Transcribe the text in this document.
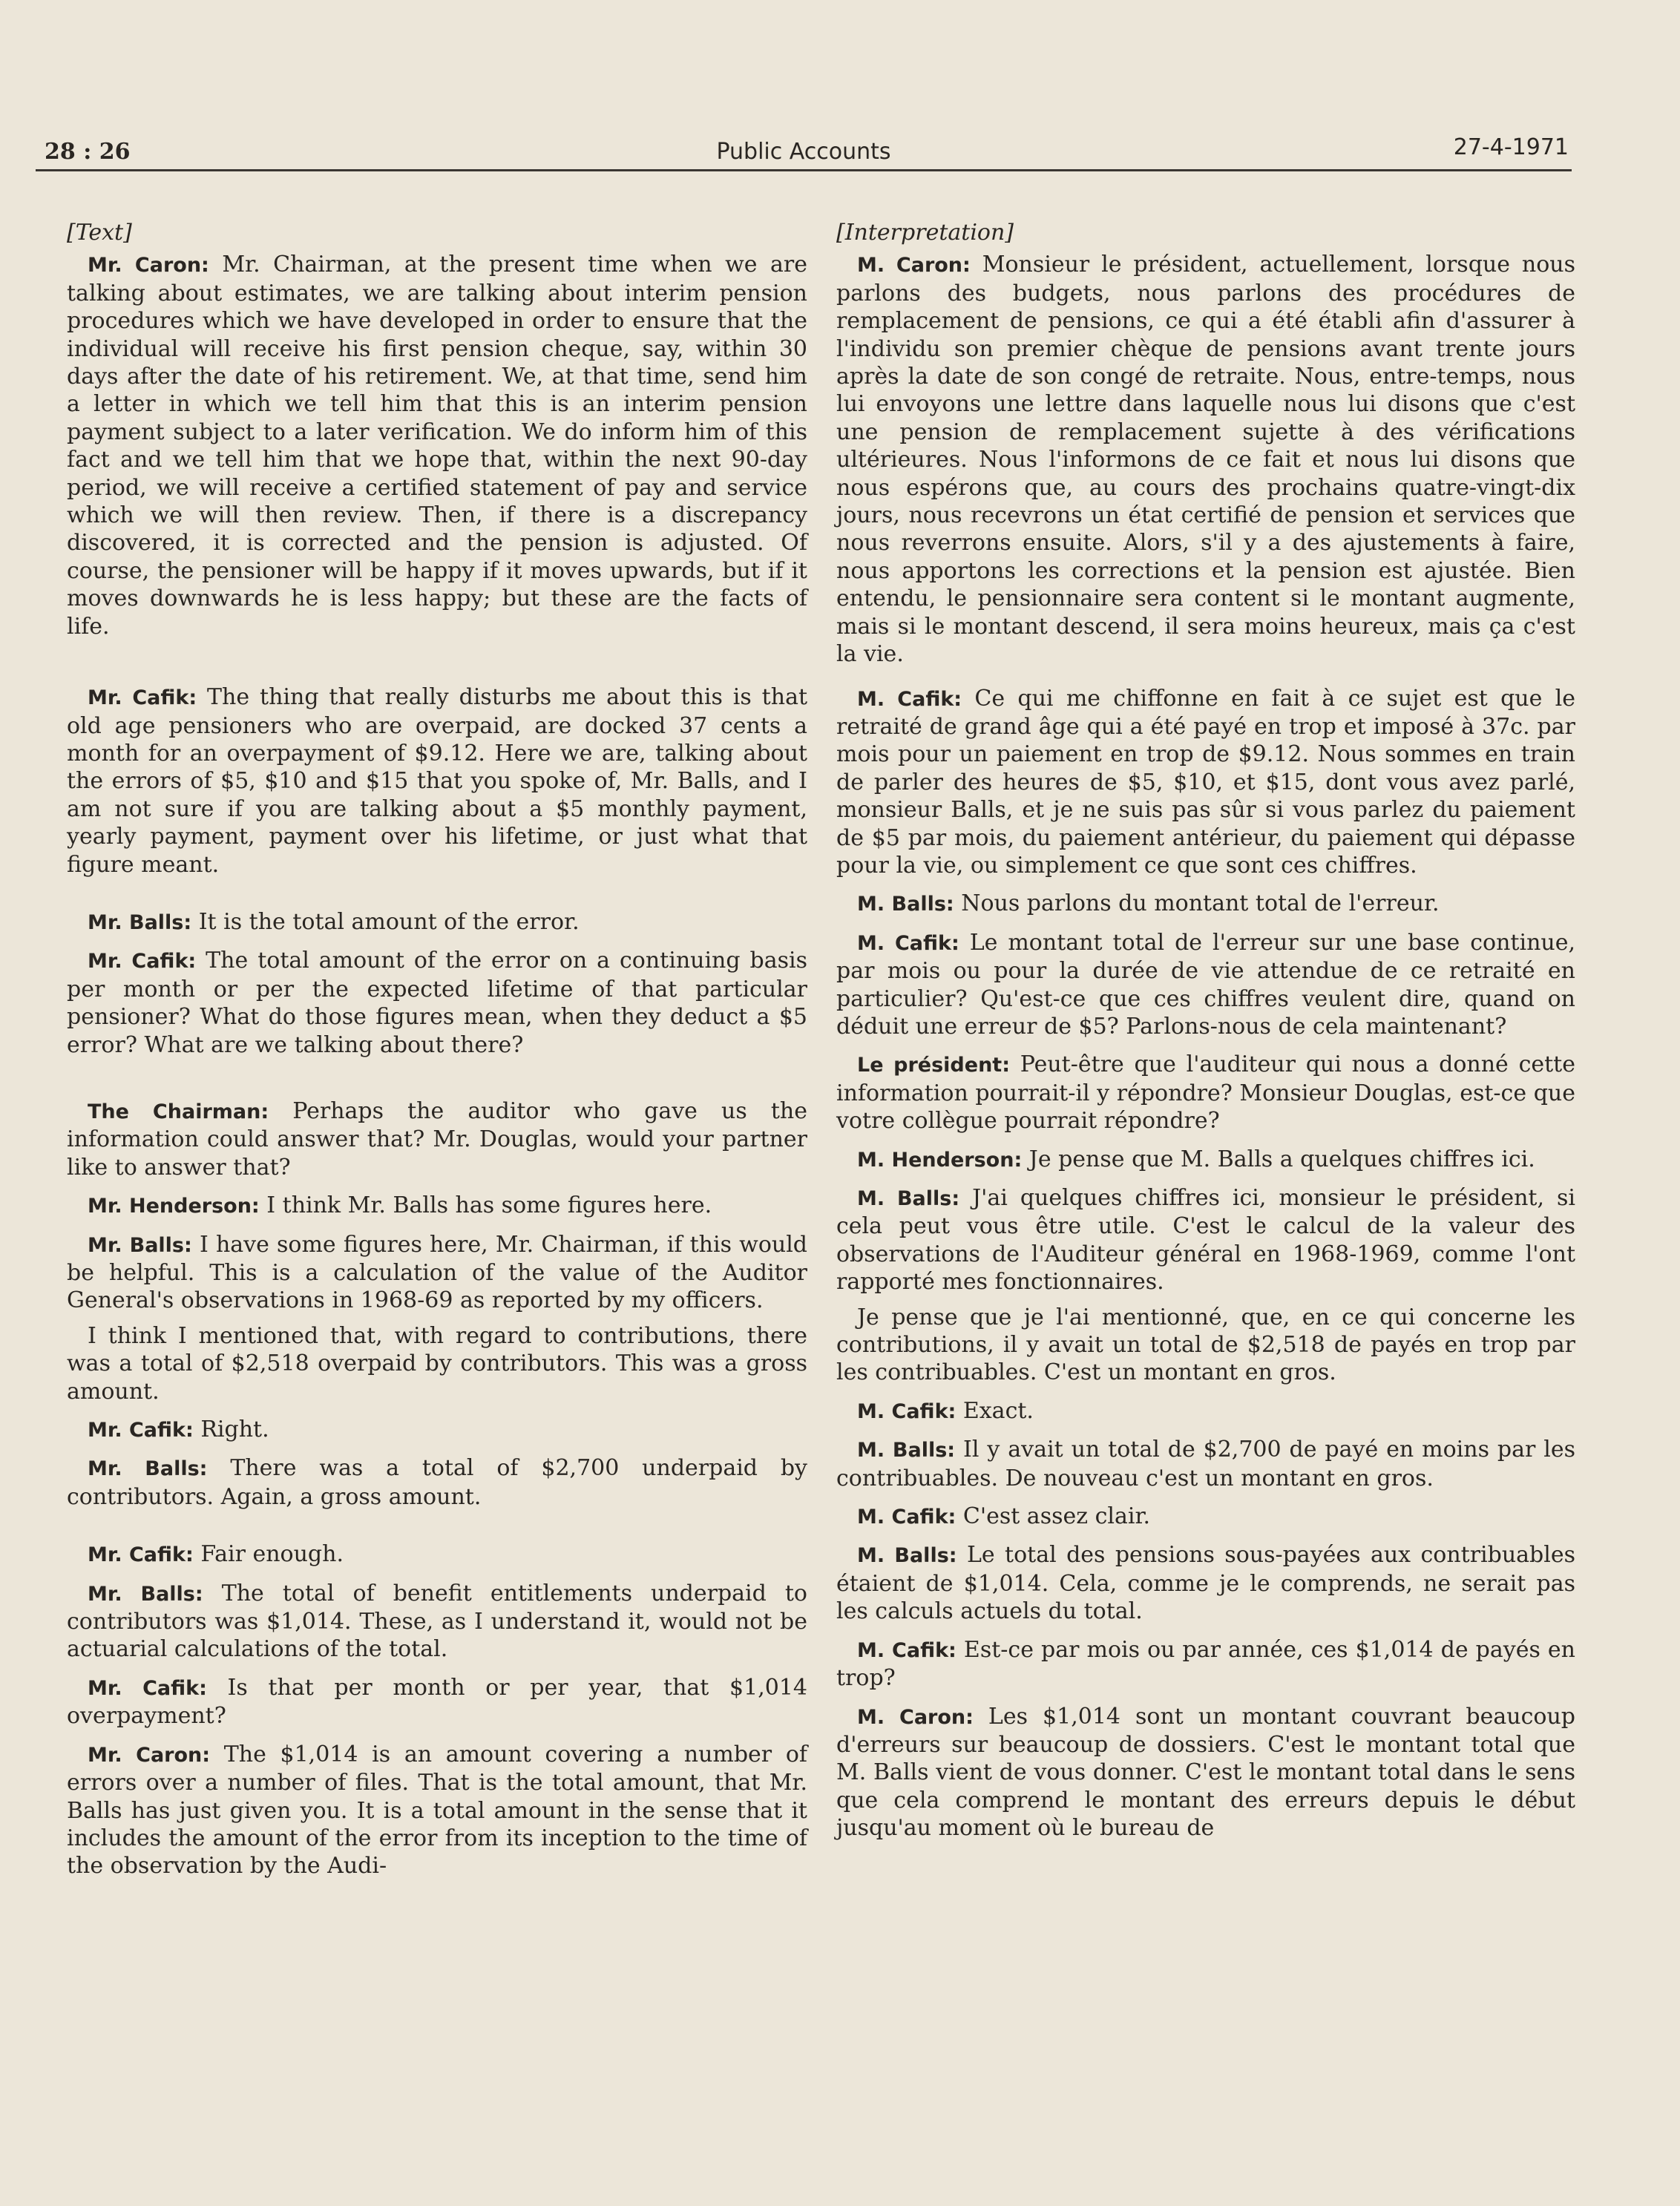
28 : 26	Public Accounts	27-4-1971

[Text]

Mr. Caron: Mr. Chairman, at the present time when we are talking about estimates, we are talking about interim pension procedures which we have developed in order to ensure that the individual will receive his first pension cheque, say, within 30 days after the date of his retirement. We, at that time, send him a letter in which we tell him that this is an interim pension payment subject to a later verification. We do inform him of this fact and we tell him that we hope that, within the next 90-day period, we will receive a certified statement of pay and service which we will then review. Then, if there is a discrepancy discovered, it is corrected and the pension is adjusted. Of course, the pensioner will be happy if it moves upwards, but if it moves downwards he is less happy; but these are the facts of life.

Mr. Cafik: The thing that really disturbs me about this is that old age pensioners who are overpaid, are docked 37 cents a month for an overpayment of $9.12. Here we are, talking about the errors of $5, $10 and $15 that you spoke of, Mr. Balls, and I am not sure if you are talking about a $5 monthly payment, yearly payment, payment over his lifetime, or just what that figure meant.

Mr. Balls: It is the total amount of the error.

Mr. Cafik: The total amount of the error on a continuing basis per month or per the expected lifetime of that particular pensioner? What do those figures mean, when they deduct a $5 error? What are we talking about there?

The Chairman: Perhaps the auditor who gave us the information could answer that? Mr. Douglas, would your partner like to answer that?

Mr. Henderson: I think Mr. Balls has some figures here.

Mr. Balls: I have some figures here, Mr. Chairman, if this would be helpful. This is a calculation of the value of the Auditor General's observations in 1968-69 as reported by my officers.

I think I mentioned that, with regard to contributions, there was a total of $2,518 overpaid by contributors. This was a gross amount.

Mr. Cafik: Right.

Mr. Balls: There was a total of $2,700 underpaid by contributors. Again, a gross amount.

Mr. Cafik: Fair enough.

Mr. Balls: The total of benefit entitlements underpaid to contributors was $1,014. These, as I understand it, would not be actuarial calculations of the total.

Mr. Cafik: Is that per month or per year, that $1,014 overpayment?

Mr. Caron: The $1,014 is an amount covering a number of errors over a number of files. That is the total amount, that Mr. Balls has just given you. It is a total amount in the sense that it includes the amount of the error from its inception to the time of the observation by the Audi-

[Interpretation]

M. Caron: Monsieur le président, actuellement, lorsque nous parlons des budgets, nous parlons des procédures de remplacement de pensions, ce qui a été établi afin d'assurer à l'individu son premier chèque de pensions avant trente jours après la date de son congé de retraite. Nous, entre-temps, nous lui envoyons une lettre dans laquelle nous lui disons que c'est une pension de remplacement sujette à des vérifications ultérieures. Nous l'informons de ce fait et nous lui disons que nous espérons que, au cours des prochains quatre-vingt-dix jours, nous recevrons un état certifié de pension et services que nous reverrons ensuite. Alors, s'il y a des ajustements à faire, nous apportons les corrections et la pension est ajustée. Bien entendu, le pensionnaire sera content si le montant augmente, mais si le montant descend, il sera moins heureux, mais ça c'est la vie.

M. Cafik: Ce qui me chiffonne en fait à ce sujet est que le retraité de grand âge qui a été payé en trop et imposé à 37c. par mois pour un paiement en trop de $9.12. Nous sommes en train de parler des heures de $5, $10, et $15, dont vous avez parlé, monsieur Balls, et je ne suis pas sûr si vous parlez du paiement de $5 par mois, du paiement antérieur, du paiement qui dépasse pour la vie, ou simplement ce que sont ces chiffres.

M. Balls: Nous parlons du montant total de l'erreur.

M. Cafik: Le montant total de l'erreur sur une base continue, par mois ou pour la durée de vie attendue de ce retraité en particulier? Qu'est-ce que ces chiffres veulent dire, quand on déduit une erreur de $5? Parlons-nous de cela maintenant?

Le président: Peut-être que l'auditeur qui nous a donné cette information pourrait-il y répondre? Monsieur Douglas, est-ce que votre collègue pourrait répondre?

M. Henderson: Je pense que M. Balls a quelques chiffres ici.

M. Balls: J'ai quelques chiffres ici, monsieur le président, si cela peut vous être utile. C'est le calcul de la valeur des observations de l'Auditeur général en 1968-1969, comme l'ont rapporté mes fonctionnaires.

Je pense que je l'ai mentionné, que, en ce qui concerne les contributions, il y avait un total de $2,518 de payés en trop par les contribuables. C'est un montant en gros.

M. Cafik: Exact.

M. Balls: Il y avait un total de $2,700 de payé en moins par les contribuables. De nouveau c'est un montant en gros.

M. Cafik: C'est assez clair.

M. Balls: Le total des pensions sous-payées aux contribuables étaient de $1,014. Cela, comme je le comprends, ne serait pas les calculs actuels du total.

M. Cafik: Est-ce par mois ou par année, ces $1,014 de payés en trop?

M. Caron: Les $1,014 sont un montant couvrant beaucoup d'erreurs sur beaucoup de dossiers. C'est le montant total que M. Balls vient de vous donner. C'est le montant total dans le sens que cela comprend le montant des erreurs depuis le début jusqu'au moment où le bureau de
